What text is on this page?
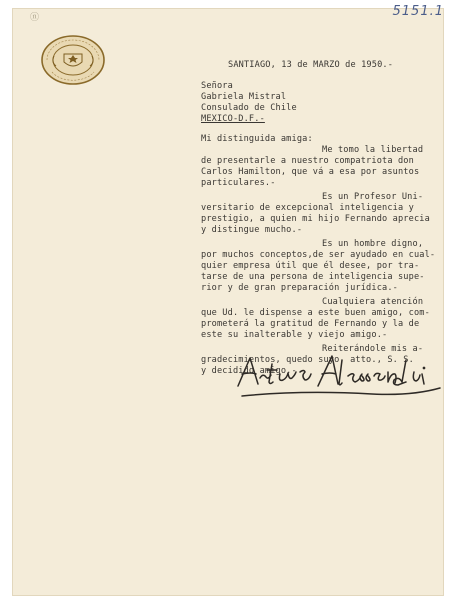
ⓝ	5151.1
SANTIAGO, 13 de MARZO de 1950.-
Señora
Gabriela Mistral
Consulado de Chile
MEXICO-D.F.-
Mi distinguida amiga:
Me tomo la libertad
de presentarle a nuestro compatriota don
Carlos Hamilton, que vá a esa por asuntos
particulares.-
Es un Profesor Uni-
versitario de excepcional inteligencia y
prestigio, a quien mi hijo Fernando aprecia
y distingue mucho.-
Es un hombre digno,
por muchos conceptos,de ser ayudado en cual-
quier empresa útil que él desee, por tra-
tarse de una persona de inteligencia supe-
rior y de gran preparación jurídica.-
Cualquiera atención
que Ud. le dispense a este buen amigo, com-
prometerá la gratitud de Fernando y la de
este su inalterable y viejo amigo.-
Reiterándole mis a-
gradecimientos, quedo suyo, atto., S. S.
y decidido amigo.-
